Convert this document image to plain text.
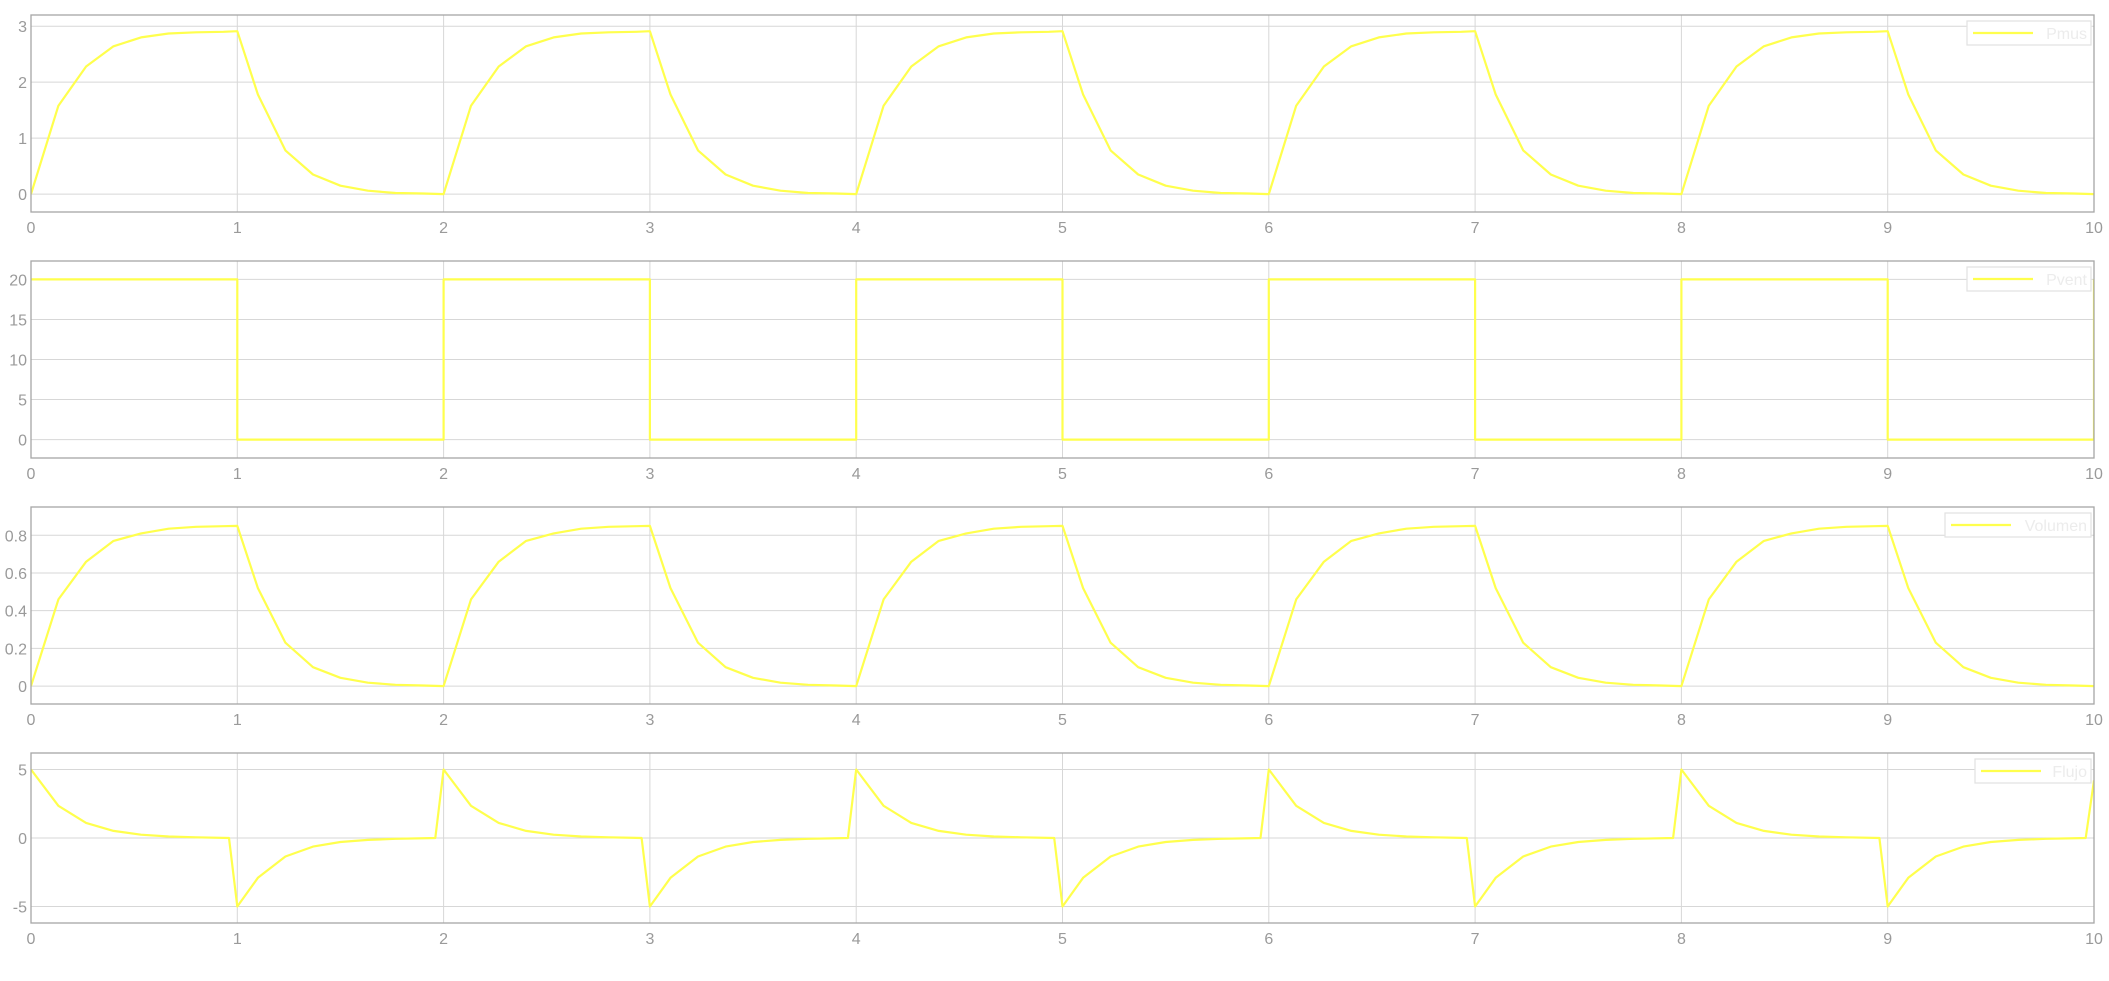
0	1	2	3	4	5	6	7	8	9	10
0
1
2
3	Pmus
0	1	2	3	4	5	6	7	8	9	10
0
5
10
15
20	Pvent
0	1	2	3	4	5	6	7	8	9	10
0
0.2
0.4
0.6
0.8
Volumen
0	1	2	3	4	5	6	7	8	9	10
-5
0
5	Flujo
